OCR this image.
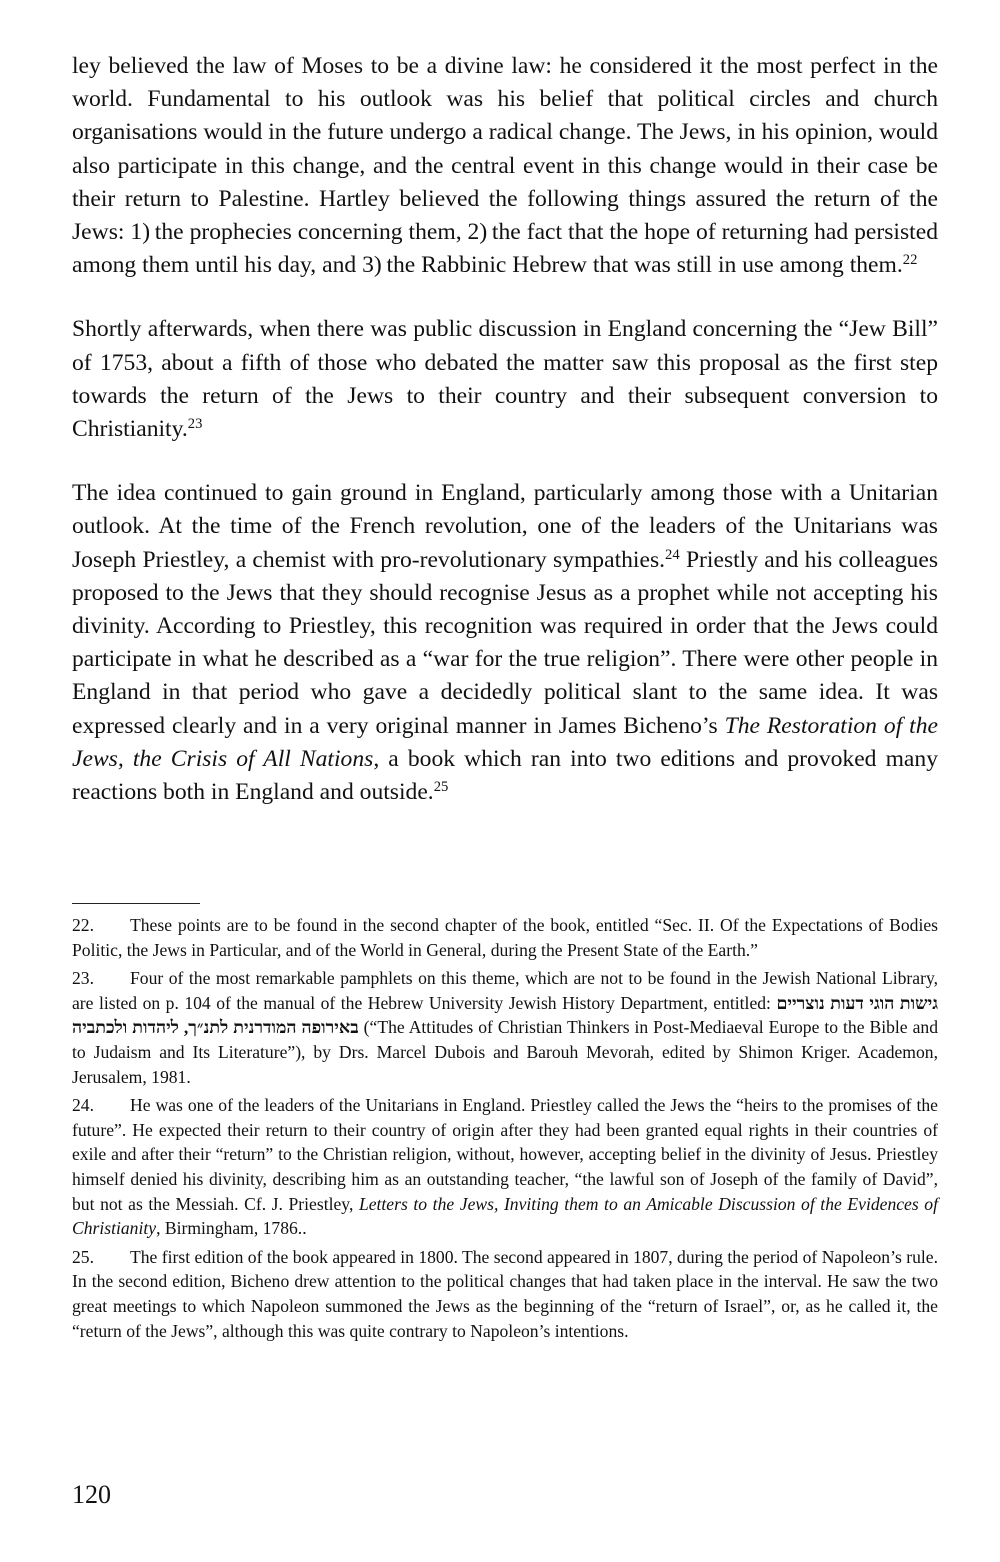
ley believed the law of Moses to be a divine law: he considered it the most perfect in the world. Fundamental to his outlook was his belief that political circles and church organisations would in the future undergo a radical change. The Jews, in his opinion, would also participate in this change, and the central event in this change would in their case be their return to Palestine. Hartley believed the following things assured the return of the Jews: 1) the prophecies concerning them, 2) the fact that the hope of returning had persisted among them until his day, and 3) the Rabbinic Hebrew that was still in use among them.$^{22}$

Shortly afterwards, when there was public discussion in England concerning the “Jew Bill” of 1753, about a fifth of those who debated the matter saw this proposal as the first step towards the return of the Jews to their country and their subsequent conversion to Christianity.$^{23}$

The idea continued to gain ground in England, particularly among those with a Unitarian outlook. At the time of the French revolution, one of the leaders of the Unitarians was Joseph Priestley, a chemist with pro-revolutionary sympathies.$^{24}$ Priestly and his colleagues proposed to the Jews that they should recognise Jesus as a prophet while not accepting his divinity. According to Priestley, this recognition was required in order that the Jews could participate in what he described as a “war for the true religion”. There were other people in England in that period who gave a decidedly political slant to the same idea. It was expressed clearly and in a very original manner in James Bicheno’s The Restoration of the Jews, the Crisis of All Nations, a book which ran into two editions and provoked many reactions both in England and outside.$^{25}$

22. These points are to be found in the second chapter of the book, entitled “Sec. II. Of the Expectations of Bodies Politic, the Jews in Particular, and of the World in General, during the Present State of the Earth.”
23. Four of the most remarkable pamphlets on this theme, which are not to be found in the Jewish National Library, are listed on p. 104 of the manual of the Hebrew University Jewish History Department, entitled: גישות הוגי דעות נוצריים באירופה המודרנית לתנ״ך, ליהדות ולכתביה (“The Attitudes of Christian Thinkers in Post-Mediaeval Europe to the Bible and to Judaism and Its Literature”), by Drs. Marcel Dubois and Barouh Mevorah, edited by Shimon Kriger. Academon, Jerusalem, 1981.
24. He was one of the leaders of the Unitarians in England. Priestley called the Jews the “heirs to the promises of the future”. He expected their return to their country of origin after they had been granted equal rights in their countries of exile and after their “return” to the Christian religion, without, however, accepting belief in the divinity of Jesus. Priestley himself denied his divinity, describing him as an outstanding teacher, “the lawful son of Joseph of the family of David”, but not as the Messiah. Cf. J. Priestley, Letters to the Jews, Inviting them to an Amicable Discussion of the Evidences of Christianity, Birmingham, 1786..
25. The first edition of the book appeared in 1800. The second appeared in 1807, during the period of Napoleon’s rule. In the second edition, Bicheno drew attention to the political changes that had taken place in the interval. He saw the two great meetings to which Napoleon summoned the Jews as the beginning of the “return of Israel”, or, as he called it, the “return of the Jews”, although this was quite contrary to Napoleon’s intentions.
120
